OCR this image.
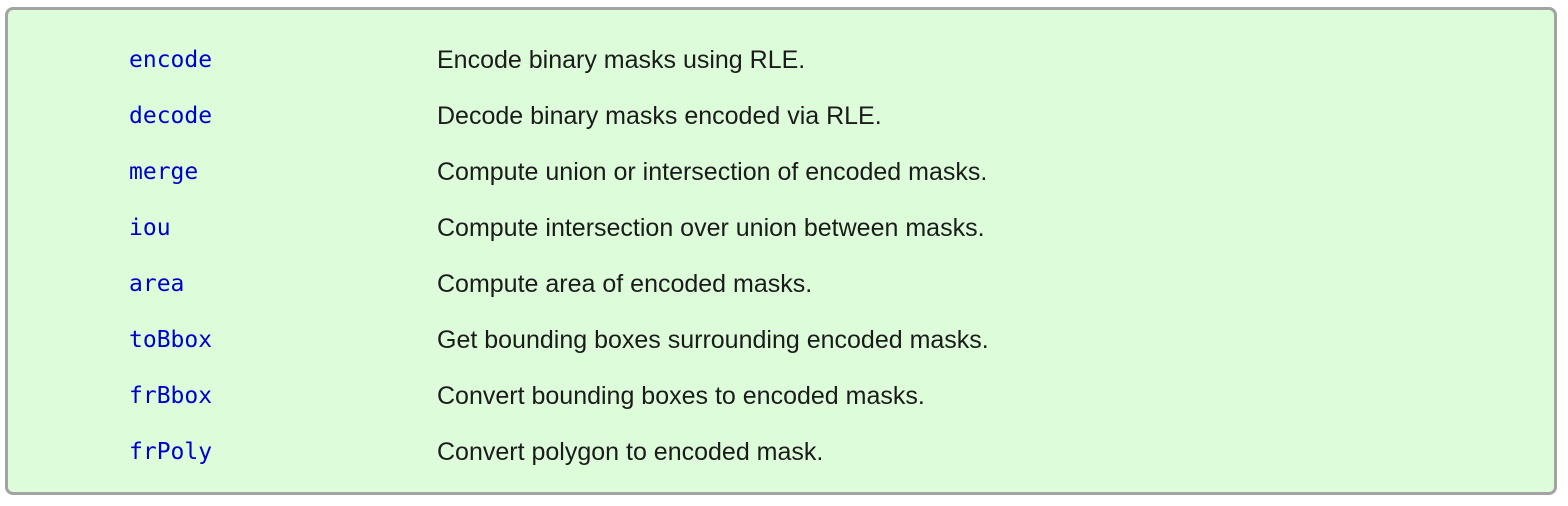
encode	Encode binary masks using RLE.
decode	Decode binary masks encoded via RLE.
merge	Compute union or intersection of encoded masks.
iou	Compute intersection over union between masks.
area	Compute area of encoded masks.
toBbox	Get bounding boxes surrounding encoded masks.
frBbox	Convert bounding boxes to encoded masks.
frPoly	Convert polygon to encoded mask.
